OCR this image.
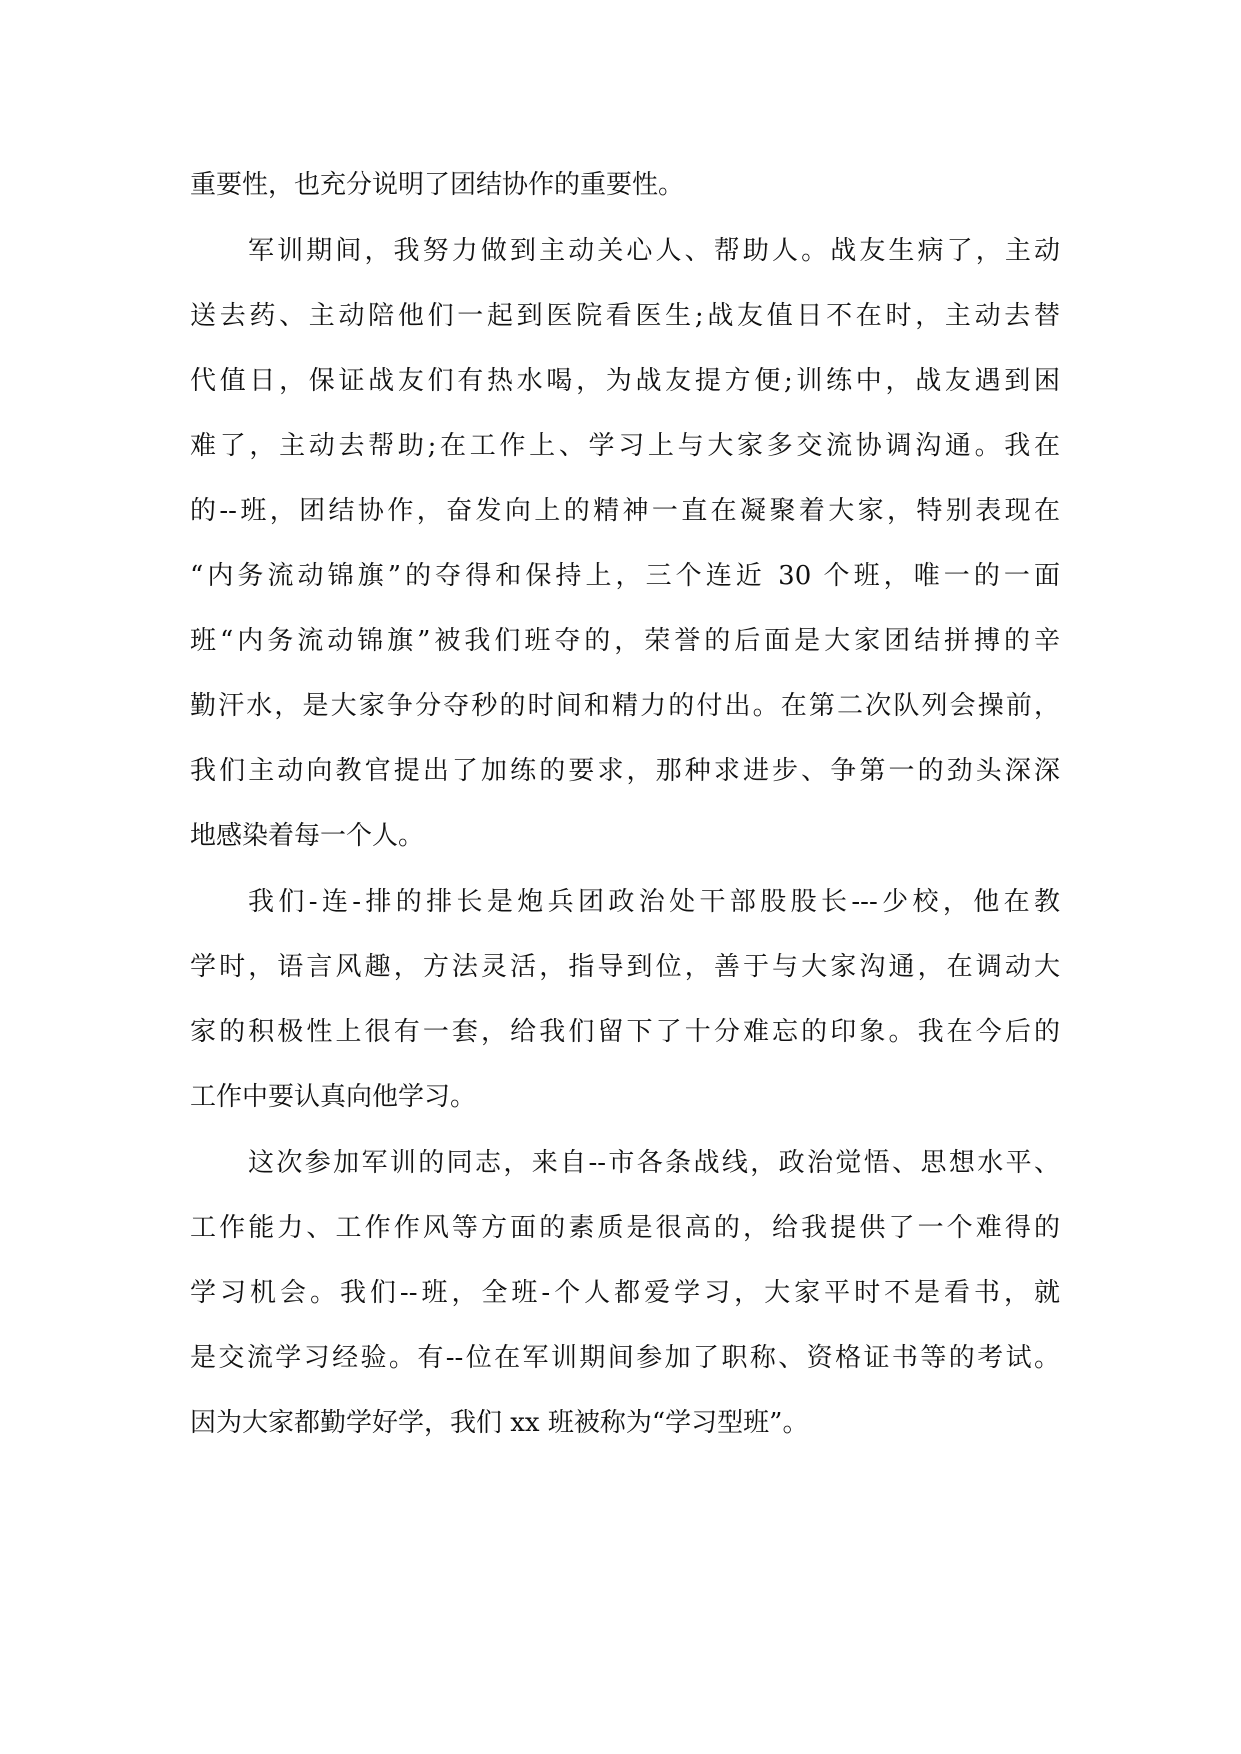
重要性，也充分说明了团结协作的重要性。
军训期间，我努力做到主动关心人、帮助人。战友生病了，主动
送去药、主动陪他们一起到医院看医生;战友值日不在时，主动去替
代值日，保证战友们有热水喝，为战友提方便;训练中，战友遇到困
难了，主动去帮助;在工作上、学习上与大家多交流协调沟通。我在
的--班，团结协作，奋发向上的精神一直在凝聚着大家，特别表现在
“内务流动锦旗”的夺得和保持上，三个连近 30 个班，唯一的一面
班“内务流动锦旗”被我们班夺的，荣誉的后面是大家团结拼搏的辛
勤汗水，是大家争分夺秒的时间和精力的付出。在第二次队列会操前，
我们主动向教官提出了加练的要求，那种求进步、争第一的劲头深深
地感染着每一个人。
我们-连-排的排长是炮兵团政治处干部股股长---少校，他在教
学时，语言风趣，方法灵活，指导到位，善于与大家沟通，在调动大
家的积极性上很有一套，给我们留下了十分难忘的印象。我在今后的
工作中要认真向他学习。
这次参加军训的同志，来自--市各条战线，政治觉悟、思想水平、
工作能力、工作作风等方面的素质是很高的，给我提供了一个难得的
学习机会。我们--班，全班-个人都爱学习，大家平时不是看书，就
是交流学习经验。有--位在军训期间参加了职称、资格证书等的考试。
因为大家都勤学好学，我们 xx 班被称为“学习型班”。
